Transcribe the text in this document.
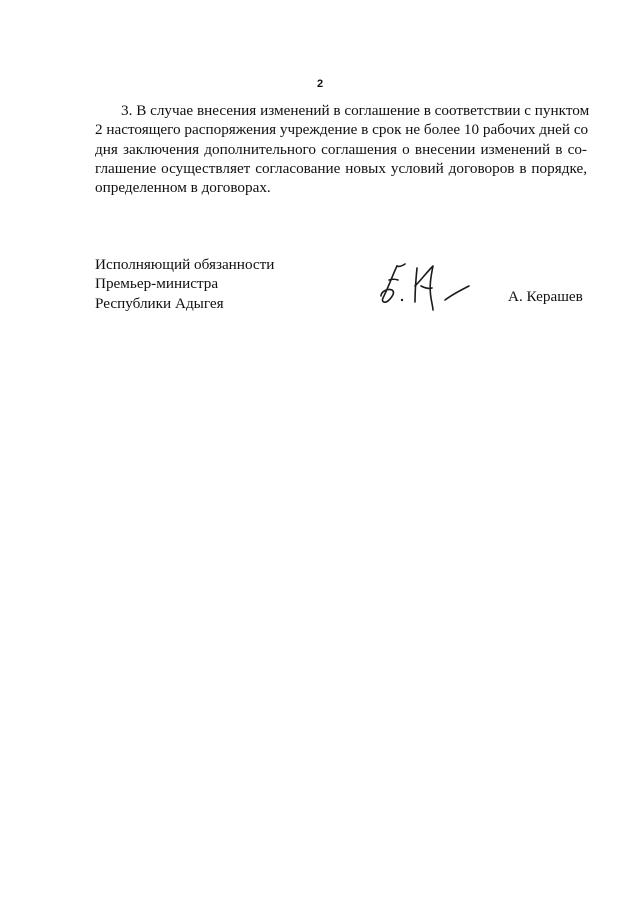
2
3. В случае внесения изменений в соглашение в соответствии с пунктом
2 настоящего распоряжения учреждение в срок не более 10 рабочих дней со
дня заключения дополнительного соглашения о внесении изменений в со-
глашение осуществляет согласование новых условий договоров в порядке,
определенном в договорах.
Исполняющий обязанности
Премьер-министра
Республики Адыгея	А. Керашев
